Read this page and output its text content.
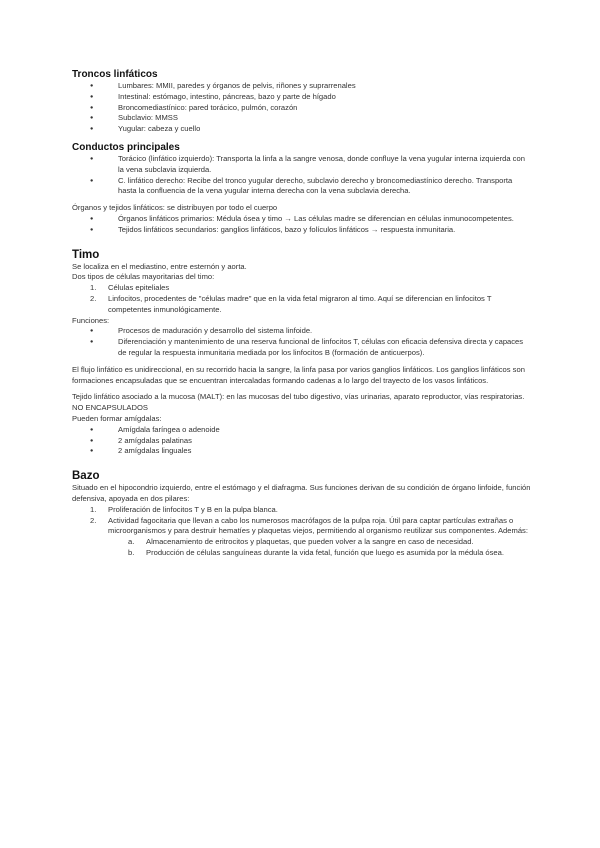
Troncos linfáticos
● Lumbares: MMII, paredes y órganos de pelvis, riñones y suprarrenales
● Intestinal: estómago, intestino, páncreas, bazo y parte de hígado
● Broncomediastínico: pared torácico, pulmón, corazón
● Subclavio: MMSS
● Yugular: cabeza y cuello
Conductos principales
● Torácico (linfático izquierdo): Transporta la linfa a la sangre venosa, donde confluye la vena yugular interna izquierda con la vena subclavia izquierda.
● C. linfático derecho: Recibe del tronco yugular derecho, subclavio derecho y broncomediastínico derecho. Transporta hasta la confluencia de la vena yugular interna derecha con la vena subclavia derecha.

Órganos y tejidos linfáticos: se distribuyen por todo el cuerpo

● Órganos linfáticos primarios: Médula ósea y timo → Las células madre se diferencian en células inmunocompetentes.
● Tejidos linfáticos secundarios: ganglios linfáticos, bazo y folículos linfáticos → respuesta inmunitaria.
Timo

Se localiza en el mediastino, entre esternón y aorta.

Dos tipos de células mayoritarias del timo:

1. Células epiteliales
2. Linfocitos, procedentes de "células madre" que en la vida fetal migraron al timo. Aquí se diferencian en linfocitos T competentes inmunológicamente.

Funciones:

● Procesos de maduración y desarrollo del sistema linfoide.
● Diferenciación y mantenimiento de una reserva funcional de linfocitos T, células con eficacia defensiva directa y capaces de regular la respuesta inmunitaria mediada por los linfocitos B (formación de anticuerpos).

El flujo linfático es unidireccional, en su recorrido hacia la sangre, la linfa pasa por varios ganglios linfáticos. Los ganglios linfáticos son formaciones encapsuladas que se encuentran intercaladas formando cadenas a lo largo del trayecto de los vasos linfáticos.

Tejido linfático asociado a la mucosa (MALT): en las mucosas del tubo digestivo, vías urinarias, aparato reproductor, vías respiratorias. NO ENCAPSULADOS

Pueden formar amígdalas:

● Amígdala faríngea o adenoide
● 2 amígdalas palatinas
● 2 amígdalas linguales
Bazo

Situado en el hipocondrio izquierdo, entre el estómago y el diafragma. Sus funciones derivan de su condición de órgano linfoide, función defensiva, apoyada en dos pilares:

1. Proliferación de linfocitos T y B en la pulpa blanca.
2. Actividad fagocitaria que llevan a cabo los numerosos macrófagos de la pulpa roja. Útil para captar partículas extrañas o microorganismos y para destruir hematíes y plaquetas viejos, permitiendo al organismo reutilizar sus componentes. Además:
a. Almacenamiento de eritrocitos y plaquetas, que pueden volver a la sangre en caso de necesidad.
b. Producción de células sanguíneas durante la vida fetal, función que luego es asumida por la médula ósea.
